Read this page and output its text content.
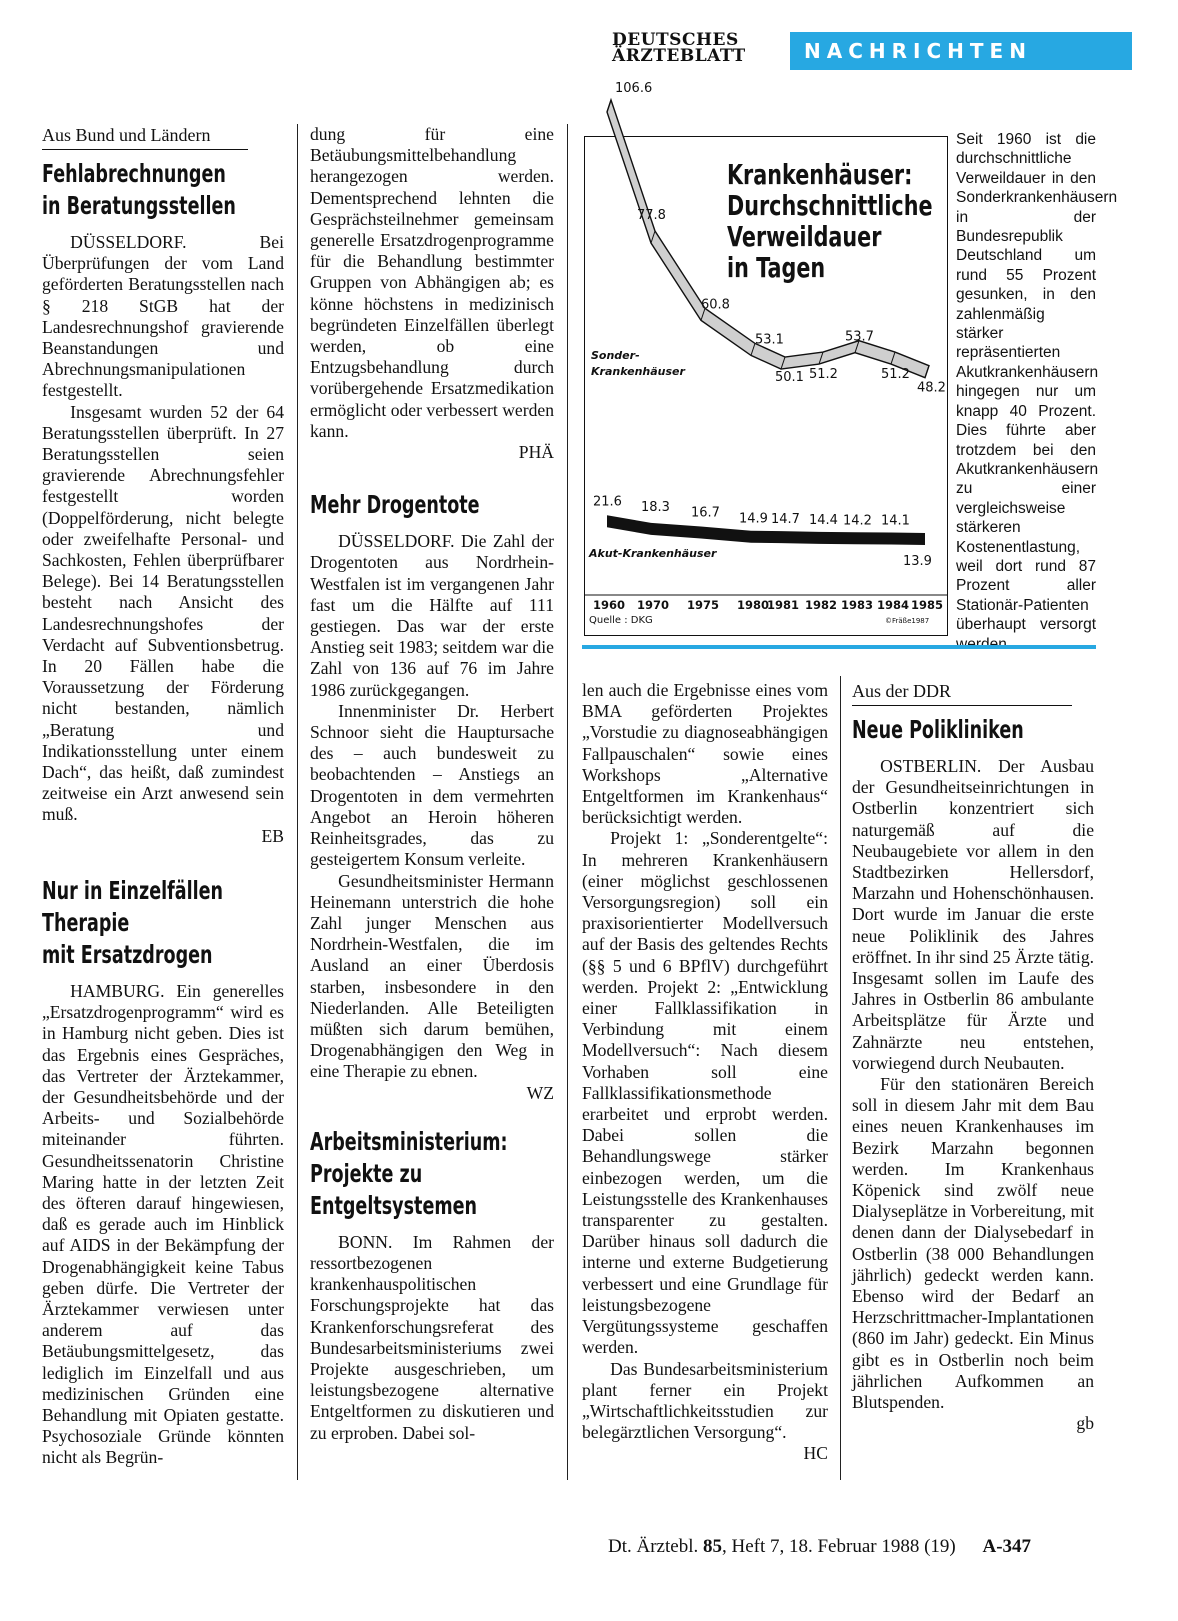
DEUTSCHES
ÄRZTEBLATT	NACHRICHTEN
Aus Bund und Ländern
Fehlabrechnungen
in Beratungsstellen

DÜSSELDORF. Bei Überprüfungen der vom Land geförderten Beratungsstellen nach § 218 StGB hat der Landesrechnungshof gravierende Beanstandungen und Abrechnungsmanipulationen festgestellt.

Insgesamt wurden 52 der 64 Beratungsstellen überprüft. In 27 Beratungsstellen seien gravierende Abrechnungsfehler festgestellt worden (Doppelförderung, nicht belegte oder zweifelhafte Personal- und Sachkosten, Fehlen überprüfbarer Belege). Bei 14 Beratungsstellen besteht nach Ansicht des Landesrechnungshofes der Verdacht auf Subventionsbetrug. In 20 Fällen habe die Voraussetzung der Förderung nicht bestanden, nämlich „Beratung und Indikationsstellung unter einem Dach“, das heißt, daß zumindest zeitweise ein Arzt anwesend sein muß.

EB
Nur in Einzelfällen
Therapie
mit Ersatzdrogen

HAMBURG. Ein generelles „Ersatzdrogenprogramm“ wird es in Hamburg nicht geben. Dies ist das Ergebnis eines Gespräches, das Vertreter der Ärztekammer, der Gesundheitsbehörde und der Arbeits- und Sozialbehörde miteinander führten. Gesundheitssenatorin Christine Maring hatte in der letzten Zeit des öfteren darauf hingewiesen, daß es gerade auch im Hinblick auf AIDS in der Bekämpfung der Drogenabhängigkeit keine Tabus geben dürfe. Die Vertreter der Ärztekammer verwiesen unter anderem auf das Betäubungsmittelgesetz, das lediglich im Einzelfall und aus medizinischen Gründen eine Behandlung mit Opiaten gestatte. Psychosoziale Gründe könnten nicht als Begrün-

dung für eine Betäubungsmittelbehandlung herangezogen werden. Dementsprechend lehnten die Gesprächsteilnehmer gemeinsam generelle Ersatzdrogenprogramme für die Behandlung bestimmter Gruppen von Abhängigen ab; es könne höchstens in medizinisch begründeten Einzelfällen überlegt werden, ob eine Entzugsbehandlung durch vorübergehende Ersatzmedikation ermöglicht oder verbessert werden kann.

PHÄ
Mehr Drogentote

DÜSSELDORF. Die Zahl der Drogentoten aus Nordrhein-Westfalen ist im vergangenen Jahr fast um die Hälfte auf 111 gestiegen. Das war der erste Anstieg seit 1983; seitdem war die Zahl von 136 auf 76 im Jahre 1986 zurückgegangen.

Innenminister Dr. Herbert Schnoor sieht die Hauptursache des – auch bundesweit zu beobachtenden – Anstiegs an Drogentoten in dem vermehrten Angebot an Heroin höheren Reinheitsgrades, das zu gesteigertem Konsum verleite.

Gesundheitsminister Hermann Heinemann unterstrich die hohe Zahl junger Menschen aus Nordrhein-Westfalen, die im Ausland an einer Überdosis starben, insbesondere in den Niederlanden. Alle Beteiligten müßten sich darum bemühen, Drogenabhängigen den Weg in eine Therapie zu ebnen.

WZ
Arbeitsministerium:
Projekte zu
Entgeltsystemen

BONN. Im Rahmen der ressortbezogenen krankenhauspolitischen Forschungsprojekte hat das Krankenforschungsreferat des Bundesarbeitsministeriums zwei Projekte ausgeschrieben, um leistungsbezogene alternative Entgeltformen zu diskutieren und zu erproben. Dabei sol-

Krankenhäuser:
Durchschnittliche
Verweildauer
in Tagen
106.6
77.8
60.8
53.1
50.1 51.2
53.7
51.2
48.2
21.6 18.3 16.7 14.9 14.7 14.4 14.2 14.1
13.9
Sonder-
Krankenhäuser
Akut-Krankenhäuser
1960 1970 1975 1980
1981 1982 1983 1984 1985
Quelle : DKG	©Fräße1987
Seit 1960 ist die durchschnittliche Verweildauer in den Sonderkrankenhäusern in der Bundesrepublik Deutschland um rund 55 Prozent gesunken, in den zahlenmäßig stärker repräsentierten Akutkrankenhäusern hingegen nur um knapp 40 Prozent. Dies führte aber trotzdem bei den Akutkrankenhäusern zu einer vergleichsweise stärkeren Kostenentlastung, weil dort rund 87 Prozent aller Stationär-Patienten überhaupt versorgt

len auch die Ergebnisse eines vom BMA geförderten Projektes „Vorstudie zu diagnoseabhängigen Fallpauschalen“ sowie eines Workshops „Alternative Entgeltformen im Krankenhaus“ berücksichtigt werden.

Projekt 1: „Sonderentgelte“: In mehreren Krankenhäusern (einer möglichst geschlossenen Versorgungsregion) soll ein praxisorientierter Modellversuch auf der Basis des geltendes Rechts (§§ 5 und 6 BPflV) durchgeführt werden. Projekt 2: „Entwicklung einer Fallklassifikation in Verbindung mit einem Modellversuch“: Nach diesem Vorhaben soll eine Fallklassifikationsmethode erarbeitet und erprobt werden. Dabei sollen die Behandlungswege stärker einbezogen werden, um die Leistungsstelle des Krankenhauses transparenter zu gestalten. Darüber hinaus soll dadurch die interne und externe Budgetierung verbessert und eine Grundlage für leistungsbezogene Vergütungssysteme geschaffen werden.

Das Bundesarbeitsministerium plant ferner ein Projekt „Wirtschaftlichkeitsstudien zur belegärztlichen Versorgung“.

HC
Aus der DDR
Neue Polikliniken

OSTBERLIN. Der Ausbau der Gesundheitseinrichtungen in Ostberlin konzentriert sich naturgemäß auf die Neubaugebiete vor allem in den Stadtbezirken Hellersdorf, Marzahn und Hohenschönhausen. Dort wurde im Januar die erste neue Poliklinik des Jahres eröffnet. In ihr sind 25 Ärzte tätig. Insgesamt sollen im Laufe des Jahres in Ostberlin 86 ambulante Arbeitsplätze für Ärzte und Zahnärzte neu entstehen, vorwiegend durch Neubauten.

Für den stationären Bereich soll in diesem Jahr mit dem Bau eines neuen Krankenhauses im Bezirk Marzahn begonnen werden. Im Krankenhaus Köpenick sind zwölf neue Dialyseplätze in Vorbereitung, mit denen dann der Dialysebedarf in Ostberlin (38 000 Behandlungen jährlich) gedeckt werden kann. Ebenso wird der Bedarf an Herzschrittmacher-Implantationen (860 im Jahr) gedeckt. Ein Minus gibt es in Ostberlin noch beim jährlichen Aufkommen an Blutspenden.

gb
Dt. Ärztebl. 85, Heft 7, 18. Februar 1988 (19) A-347
